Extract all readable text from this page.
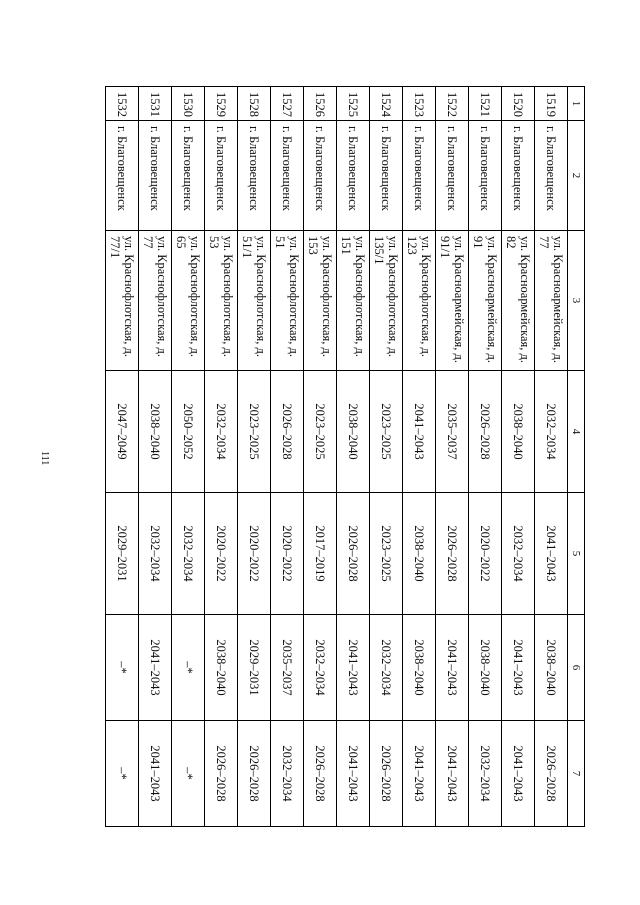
111
1	2	3	4	5	6	7
1519	г. Благовещенск	ул. Красноармейская, д. 77	2032–2034	2041–2043	2038–2040	2026–2028
1520	г. Благовещенск	ул. Красноармейская, д. 82	2038–2040	2032–2034	2041–2043	2041–2043
1521	г. Благовещенск	ул. Красноармейская, д. 91	2026–2028	2020–2022	2038–2040	2032–2034
1522	г. Благовещенск	ул. Красноармейская, д. 91/1	2035–2037	2026–2028	2041–2043	2041–2043
1523	г. Благовещенск	ул. Краснофлотская, д. 123	2041–2043	2038–2040	2038–2040	2041–2043
1524	г. Благовещенск	ул. Краснофлотская, д. 135/1	2023–2025	2023–2025	2032–2034	2026–2028
1525	г. Благовещенск	ул. Краснофлотская, д. 151	2038–2040	2026–2028	2041–2043	2041–2043
1526	г. Благовещенск	ул. Краснофлотская, д. 153	2023–2025	2017–2019	2032–2034	2026–2028
1527	г. Благовещенск	ул. Краснофлотская, д. 51	2026–2028	2020–2022	2035–2037	2032–2034
1528	г. Благовещенск	ул. Краснофлотская, д. 51/1	2023–2025	2020–2022	2029–2031	2026–2028
1529	г. Благовещенск	ул. Краснофлотская, д. 53	2032–2034	2020–2022	2038–2040	2026–2028
1530	г. Благовещенск	ул. Краснофлотская, д. 65	2050–2052	2032–2034	–*	–*
1531	г. Благовещенск	ул. Краснофлотская, д. 77	2038–2040	2032–2034	2041–2043	2041–2043
1532	г. Благовещенск	ул. Краснофлотская, д. 77/1	2047–2049	2029–2031	–*	–*
